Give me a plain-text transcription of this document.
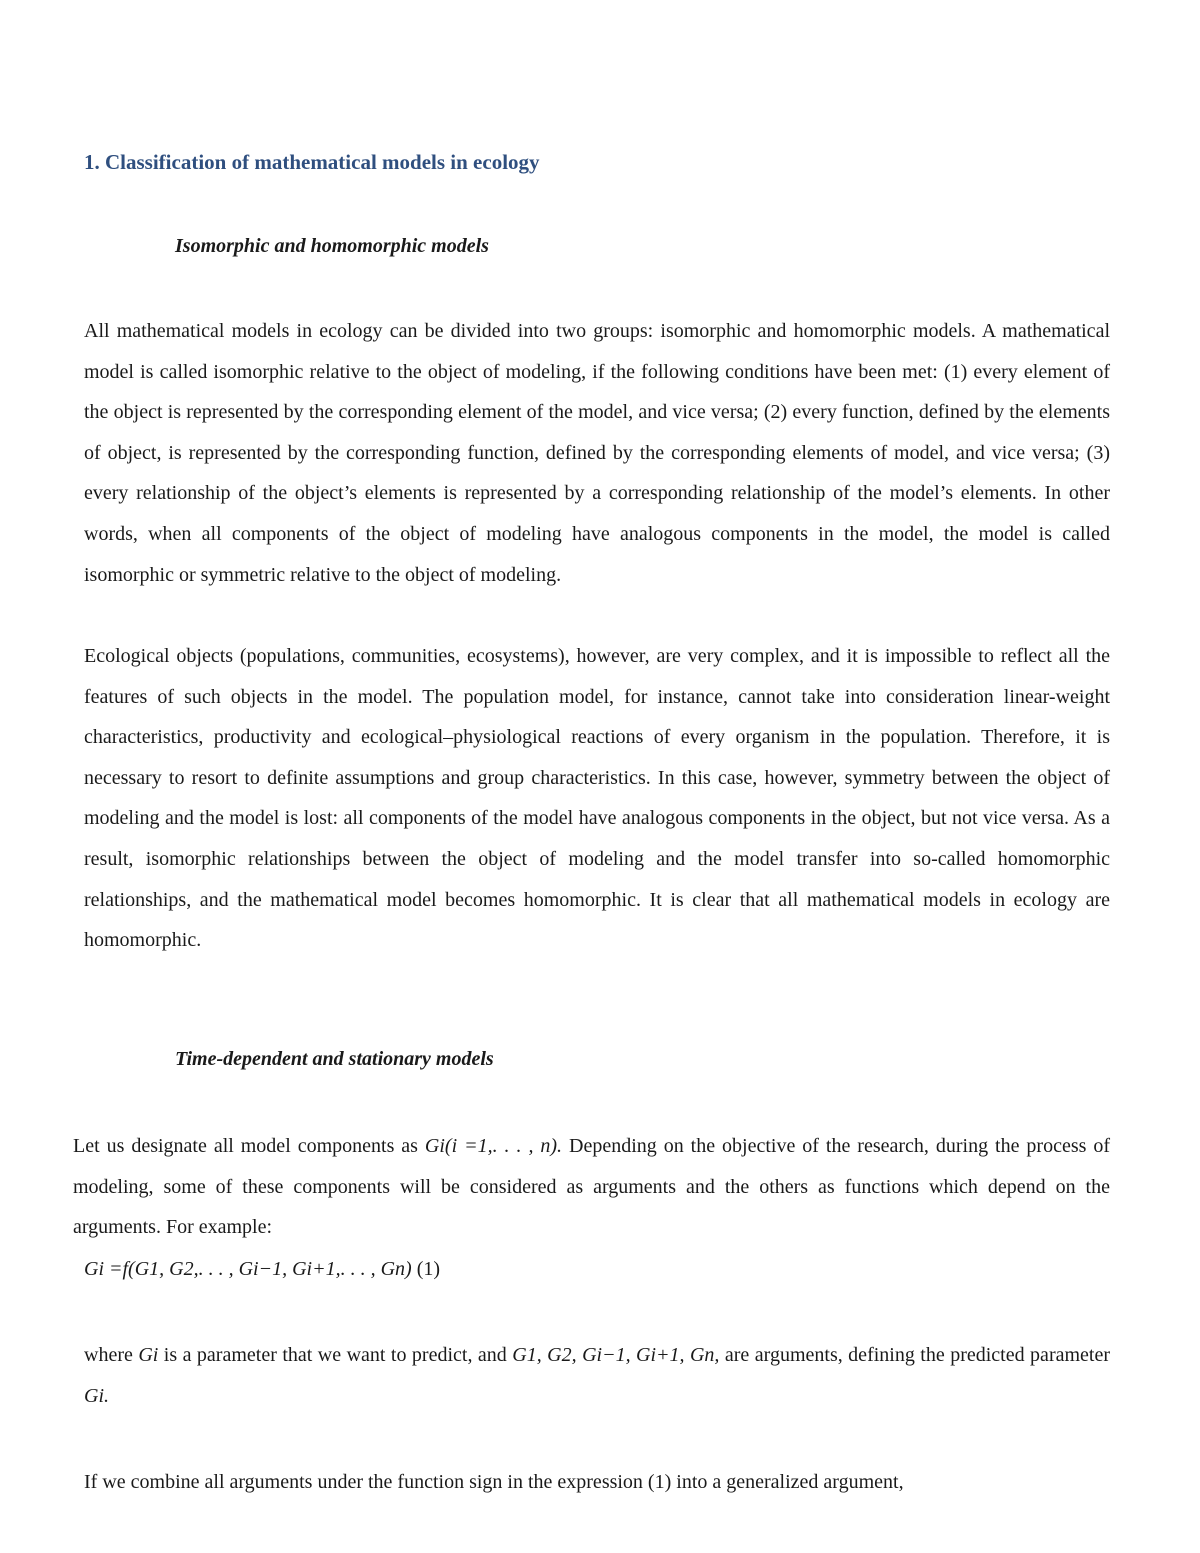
1. Classification of mathematical models in ecology
Isomorphic and homomorphic models

All mathematical models in ecology can be divided into two groups: isomorphic and homomorphic models. A mathematical model is called isomorphic relative to the object of modeling, if the following conditions have been met: (1) every element of the object is represented by the corresponding element of the model, and vice versa; (2) every function, defined by the elements of object, is represented by the corresponding function, defined by the corresponding elements of model, and vice versa; (3) every relationship of the object’s elements is represented by a corresponding relationship of the model’s elements. In other words, when all components of the object of modeling have analogous components in the model, the model is called isomorphic or symmetric relative to the object of modeling.

Ecological objects (populations, communities, ecosystems), however, are very complex, and it is impossible to reflect all the features of such objects in the model. The population model, for instance, cannot take into consideration linear-weight characteristics, productivity and ecological–physiological reactions of every organism in the population. Therefore, it is necessary to resort to definite assumptions and group characteristics. In this case, however, symmetry between the object of modeling and the model is lost: all components of the model have analogous components in the object, but not vice versa. As a result, isomorphic relationships between the object of modeling and the model transfer into so-called homomorphic relationships, and the mathematical model becomes homomorphic. It is clear that all mathematical models in ecology are homomorphic.

Time-dependent and stationary models

Let us designate all model components as Gi(i =1,. . . , n). Depending on the objective of the research, during the process of modeling, some of these components will be considered as arguments and the others as functions which depend on the arguments. For example:

Gi =f(G1, G2,. . . , Gi−1, Gi+1,. . . , Gn) (1)

where Gi is a parameter that we want to predict, and G1, G2, Gi−1, Gi+1, Gn, are arguments, defining the predicted parameter Gi.

If we combine all arguments under the function sign in the expression (1) into a generalized argument,
